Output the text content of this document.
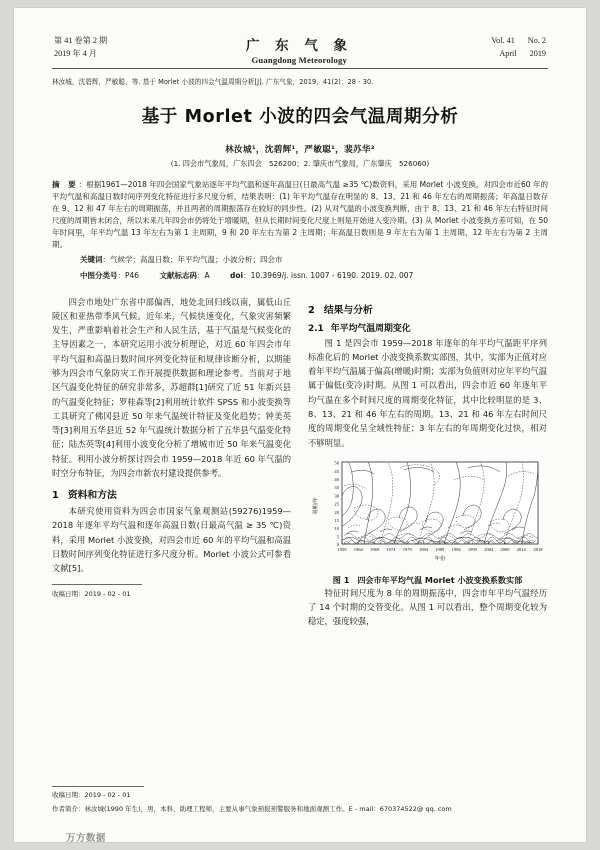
第 41 卷第 2 期
2019 年 4 月	广 东 气 象
Guangdong Meteorology
Vol. 41 No. 2
April 2019
林汝城，沈碧辉，严敏聪，等. 基于 Morlet 小波的四会气温周期分析[J]. 广东气象，2019，41(2)：28 - 30.
基于 Morlet 小波的四会气温周期分析
林汝城¹，沈碧辉¹，严敏聪¹，裴苏华²
(1. 四会市气象局，广东四会　526200；2. 肇庆市气象局，广东肇庆　526060)
摘 要：根据1961—2018 年四会国家气象站逐年平均气温和逐年高温日(日最高气温 ≥35 ℃)数资料，采用 Morlet 小波变换，对四会市近60 年的平均气温和高温日数时间序列变化特征进行多尺度分析，结果表明：(1) 年平均气温存在明显的 8、13、21 和 46 年左右的周期振荡；年高温日数存在 9、12 和 47 年左右的周期振荡，并且两者的周期振荡存在较好的同步性。(2) 从对气温的小波变换判断，由于 8、13、21 和 46 年左右特征时间尺度的周期皆未闭合，所以未来几年四会市仍将处于增暖期，但从长期时间变化尺度上则是开始进入变冷期。(3) 从 Morlet 小波变换方差可知，在 50 年时间里，年平均气温 13 年左右为第 1 主周期，9 和 20 年左右为第 2 主周期；年高温日数则是 9 年左右为第 1 主周期，12 年左右为第 2 主周期。
关键词：气候学；高温日数；年平均气温；小波分析；四会市
中图分类号：P46	文献标志码：A	doi：10.3969/j. issn. 1007 - 6190. 2019. 02. 007

四会市地处广东省中部偏西，地处北回归线以南，属低山丘陵区和亚热带季风气候。近年来，气候快速变化，气象灾害频繁发生，严重影响着社会生产和人民生活，基于气温是气候变化的主导因素之一，本研究运用小波分析理论，对近 60 年四会市年平均气温和高温日数时间序列变化特征和规律诊断分析，以期能够为四会市气象防灾工作开展提供数据和理论参考。当前对于地区气温变化特征的研究非常多，苏超群[1]研究了近 51 年新兴县的气温变化特征；罗桂森等[2]利用统计软件 SPSS 和小波变换等工具研究了佛冈县近 50 年来气温统计特征及变化趋势；钟美英等[3]利用五华县近 52 年气温统计数据分析了五华县气温变化特征；陆杰英等[4]利用小波变化分析了增城市近 50 年来气温变化特征。利用小波分析探讨四会市 1959—2018 年近 60 年气温的时空分布特征，为四会市新农村建设提供参考。

1 资料和方法

本研究使用资料为四会市国家气象观测站(59276)1959—2018 年逐年平均气温和逐年高温日数(日最高气温 ≥ 35 ℃)资料，采用 Morlet 小波变换，对四会市近 60 年的平均气温和高温日数时间序列变化特征进行多尺度分析。Morlet 小波公式可参看文献[5]。

收稿日期：2019 - 02 - 01
2 结果与分析
2.1 年平均气温周期变化

图 1 是四会市 1959—2018 年逐年的年平均气温距平序列标准化后的 Morlet 小波变换系数实部图，其中，实部为正值对应着年平均气温属于偏高(增暖)时期；实部为负值则对应年平均气温属于偏低(变冷)时期。从图 1 可以看出，四会市近 60 年逐年平均气温在多个时间尺度的周期变化特征，其中比较明显的是 3、8、13、21 和 46 年左右的周期。13、21 和 46 年左右时间尺度的周期变化呈全域性特征；3 年左右的年周期变化过快，相对不够明显。

周期/年
50
45
40
35
30
25
20
15
10
5
0
1959 1964 1969 1974 1979 1984 1989 1994 1999 2004 2009 2014 2018
年份
图 1 四会市年平均气温 Morlet 小波变换系数实部

特征时间尺度为 8 年的周期振荡中，四会市年平均气温经历了 14 个时期的交替变化。从图 1 可以看出，整个周期变化较为稳定，强度较强，

收稿日期：2019 - 02 - 01
作者简介：林汝城(1990 年生)，男，本科，助理工程师，主要从事气象预报预警服务和地面观测工作。E - mail：670374522@ qq. com
万方数据
